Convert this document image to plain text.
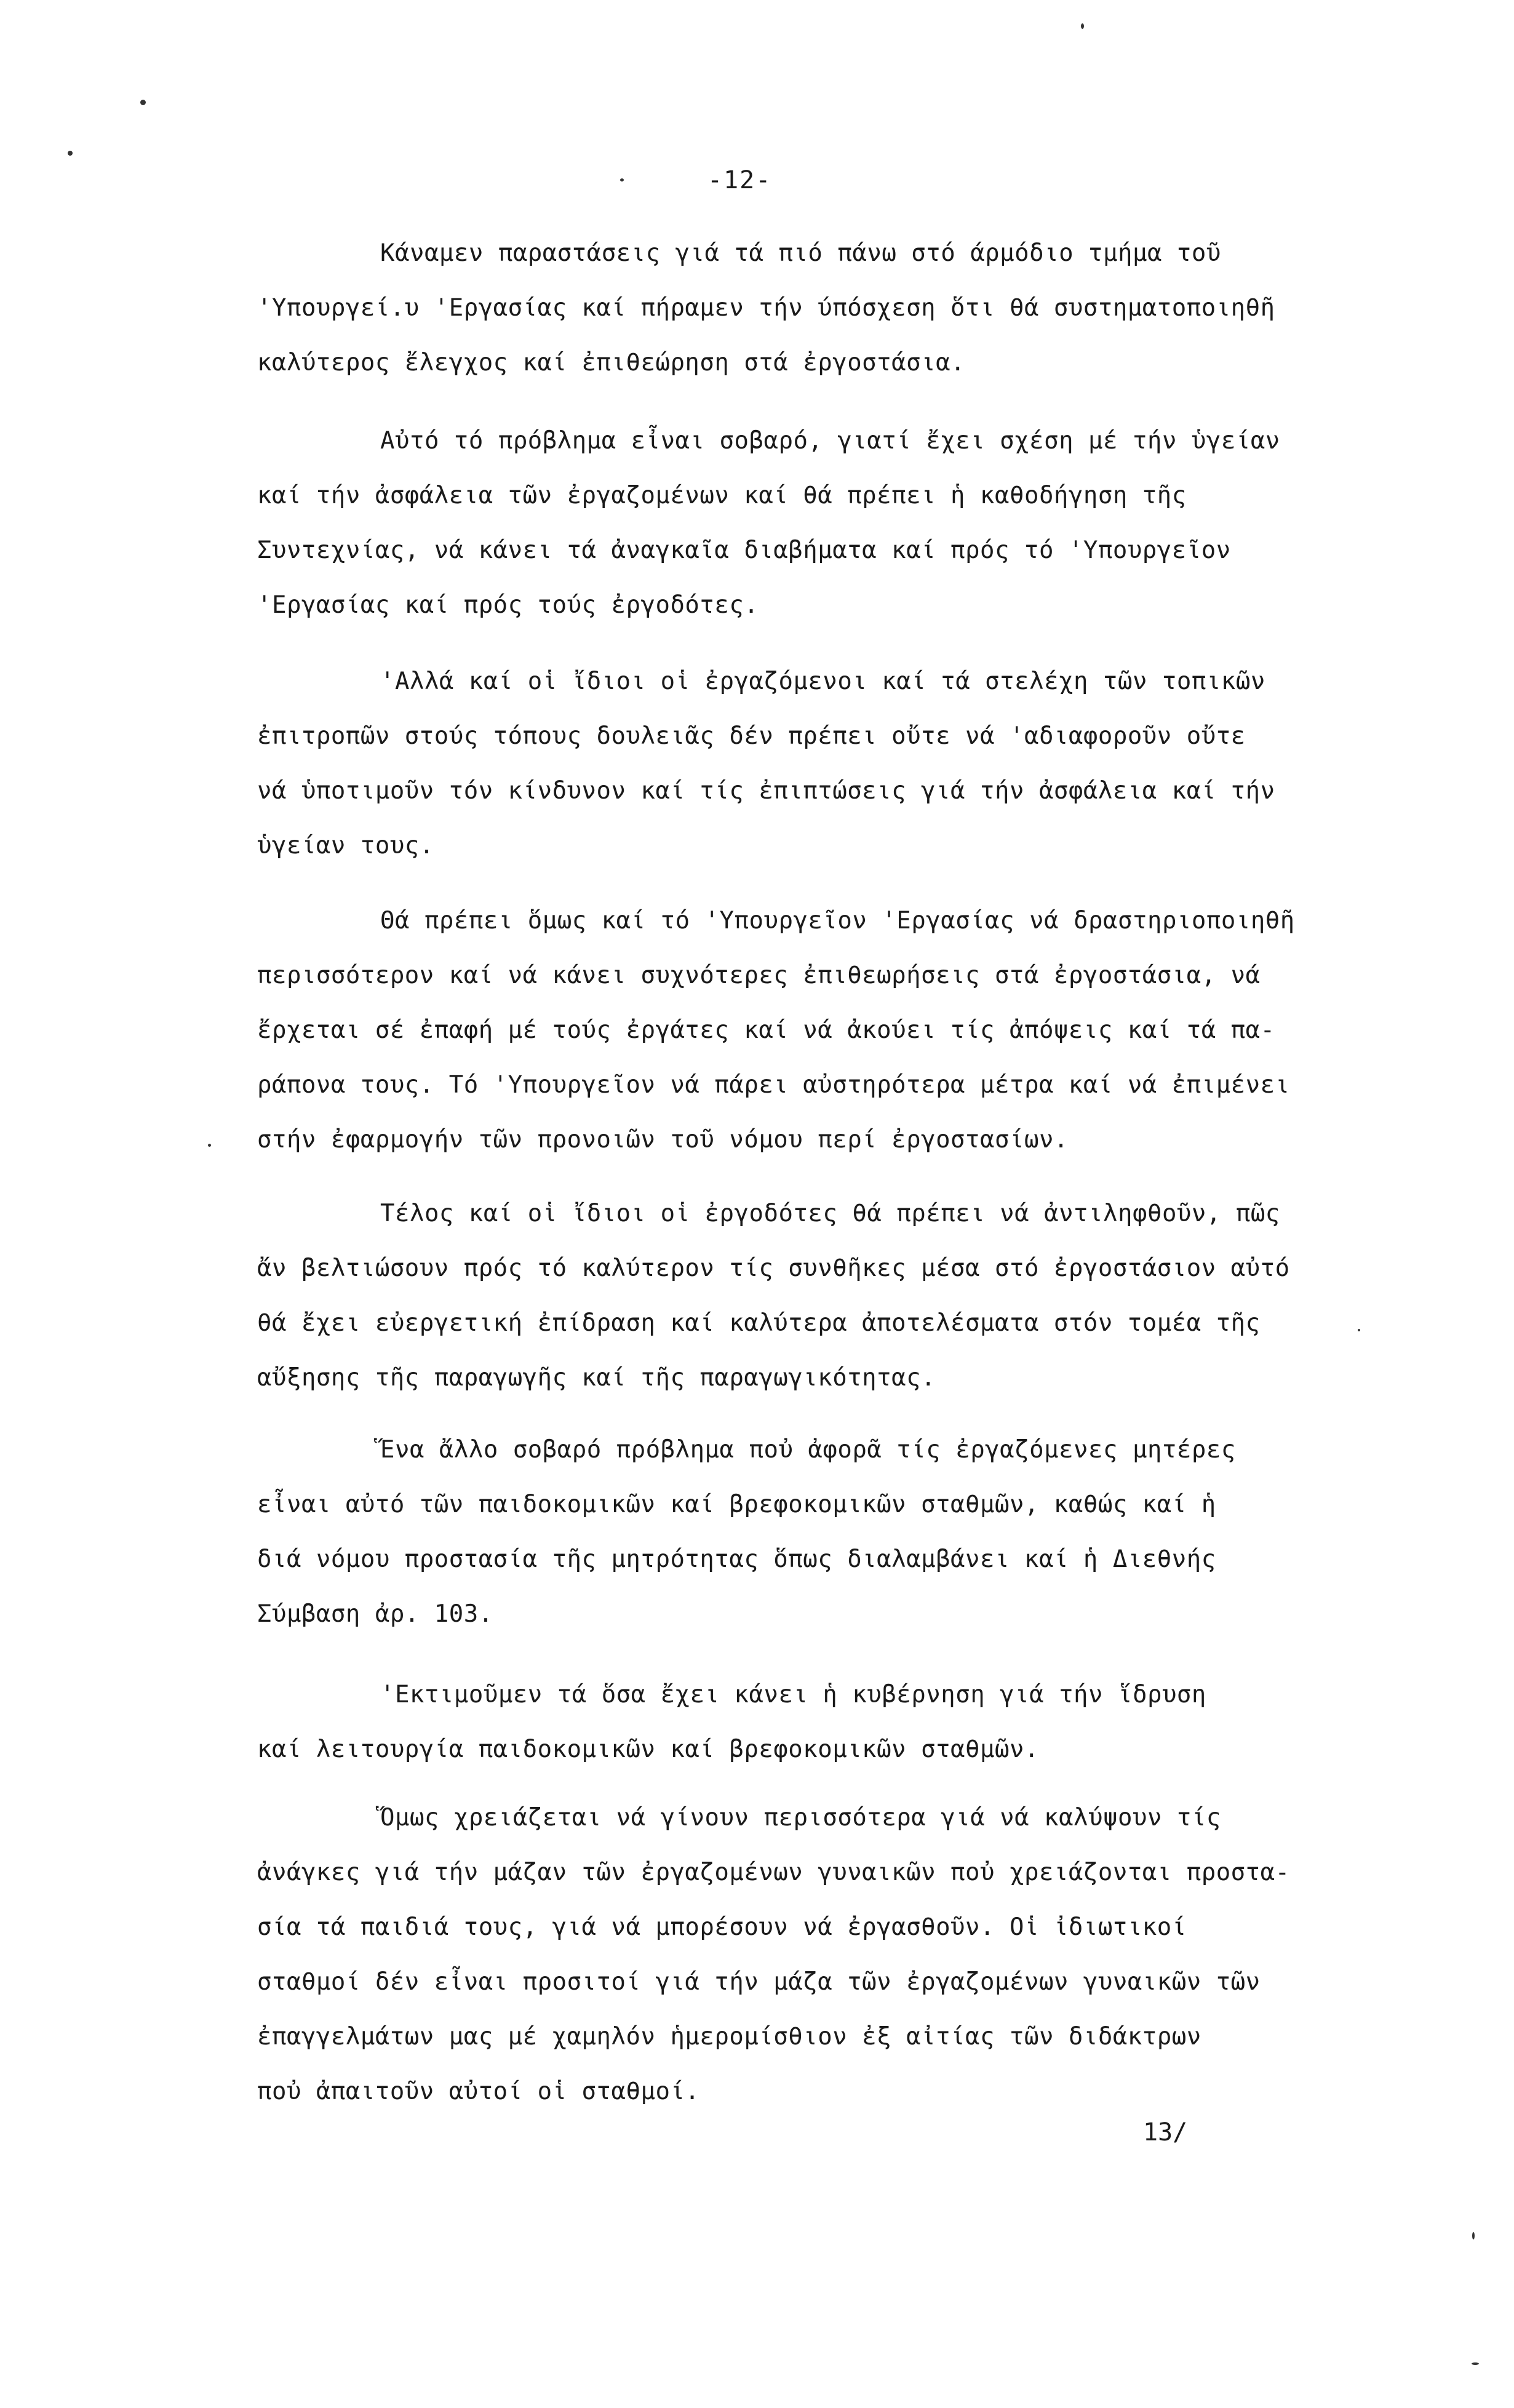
-12-
Κάναμεν παραστάσεις γιά τά πιό πάνω στό άρμόδιο τμήμα τοῦ
'Υπουργεί.υ 'Εργασίας καί πήραμεν τήν ύπόσχεση ὅτι θά συστηματοποιηθῆ
καλύτερος ἔλεγχος καί ἐπιθεώρηση στά ἐργοστάσια.
Αὐτό τό πρόβλημα εἶναι σοβαρό, γιατί ἔχει σχέση μέ τήν ὑγείαν
καί τήν ἀσφάλεια τῶν ἐργαζομένων καί θά πρέπει ἡ καθοδήγηση τῆς
Συντεχνίας, νά κάνει τά ἀναγκαῖα διαβήματα καί πρός τό 'Υπουργεῖον
'Εργασίας καί πρός τούς ἐργοδότες.
'Αλλά καί οἱ ἴδιοι οἱ ἐργαζόμενοι καί τά στελέχη τῶν τοπικῶν
ἐπιτροπῶν στούς τόπους δουλειᾶς δέν πρέπει οὔτε νά 'αδιαφοροῦν οὔτε
νά ὑποτιμοῦν τόν κίνδυνον καί τίς ἐπιπτώσεις γιά τήν ἀσφάλεια καί τήν
ὑγείαν τους.
Θά πρέπει ὅμως καί τό 'Υπουργεῖον 'Εργασίας νά δραστηριοποιηθῆ
περισσότερον καί νά κάνει συχνότερες ἐπιθεωρήσεις στά ἐργοστάσια, νά
ἔρχεται σέ ἐπαφή μέ τούς ἐργάτες καί νά ἀκούει τίς ἀπόψεις καί τά πα-
ράπονα τους. Τό 'Υπουργεῖον νά πάρει αὐστηρότερα μέτρα καί νά ἐπιμένει
στήν ἐφαρμογήν τῶν προνοιῶν τοῦ νόμου περί ἐργοστασίων.
Τέλος καί οἱ ἴδιοι οἱ ἐργοδότες θά πρέπει νά ἀντιληφθοῦν, πῶς
ἄν βελτιώσουν πρός τό καλύτερον τίς συνθῆκες μέσα στό ἐργοστάσιον αὐτό
θά ἔχει εὐεργετική ἐπίδραση καί καλύτερα ἀποτελέσματα στόν τομέα τῆς
αὔξησης τῆς παραγωγῆς καί τῆς παραγωγικότητας.
Ἕνα ἄλλο σοβαρό πρόβλημα ποὐ ἀφορᾶ τίς ἐργαζόμενες μητέρες
εἶναι αὐτό τῶν παιδοκομικῶν καί βρεφοκομικῶν σταθμῶν, καθώς καί ἡ
διά νόμου προστασία τῆς μητρότητας ὅπως διαλαμβάνει καί ἡ Διεθνής
Σύμβαση ἀρ. 103.
'Εκτιμοῦμεν τά ὅσα ἔχει κάνει ἡ κυβέρνηση γιά τήν ἵδρυση
καί λειτουργία παιδοκομικῶν καί βρεφοκομικῶν σταθμῶν.
Ὅμως χρειάζεται νά γίνουν περισσότερα γιά νά καλύψουν τίς
ἀνάγκες γιά τήν μάζαν τῶν ἐργαζομένων γυναικῶν ποὐ χρειάζονται προστα-
σία τά παιδιά τους, γιά νά μπορέσουν νά ἐργασθοῦν. Οἱ ἰδιωτικοί
σταθμοί δέν εἶναι προσιτοί γιά τήν μάζα τῶν ἐργαζομένων γυναικῶν τῶν
ἐπαγγελμάτων μας μέ χαμηλόν ἡμερομίσθιον ἐξ αἰτίας τῶν διδάκτρων
ποὐ ἀπαιτοῦν αὐτοί οἱ σταθμοί.
13/
